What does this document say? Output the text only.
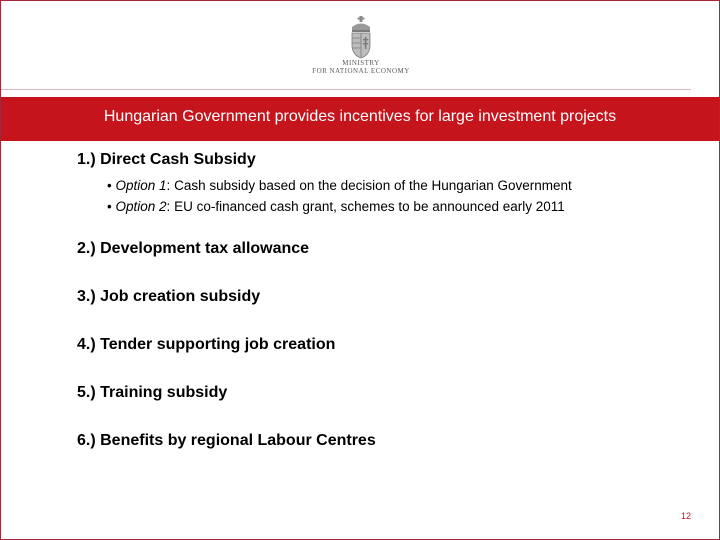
MINISTRY
FOR NATIONAL ECONOMY
Hungarian Government provides incentives for large investment projects

1.) Direct Cash Subsidy

• Option 1: Cash subsidy based on the decision of the Hungarian Government

• Option 2: EU co-financed cash grant, schemes to be announced early 2011

2.) Development tax allowance

3.) Job creation subsidy

4.) Tender supporting job creation

5.) Training subsidy

6.) Benefits by regional Labour Centres

12
